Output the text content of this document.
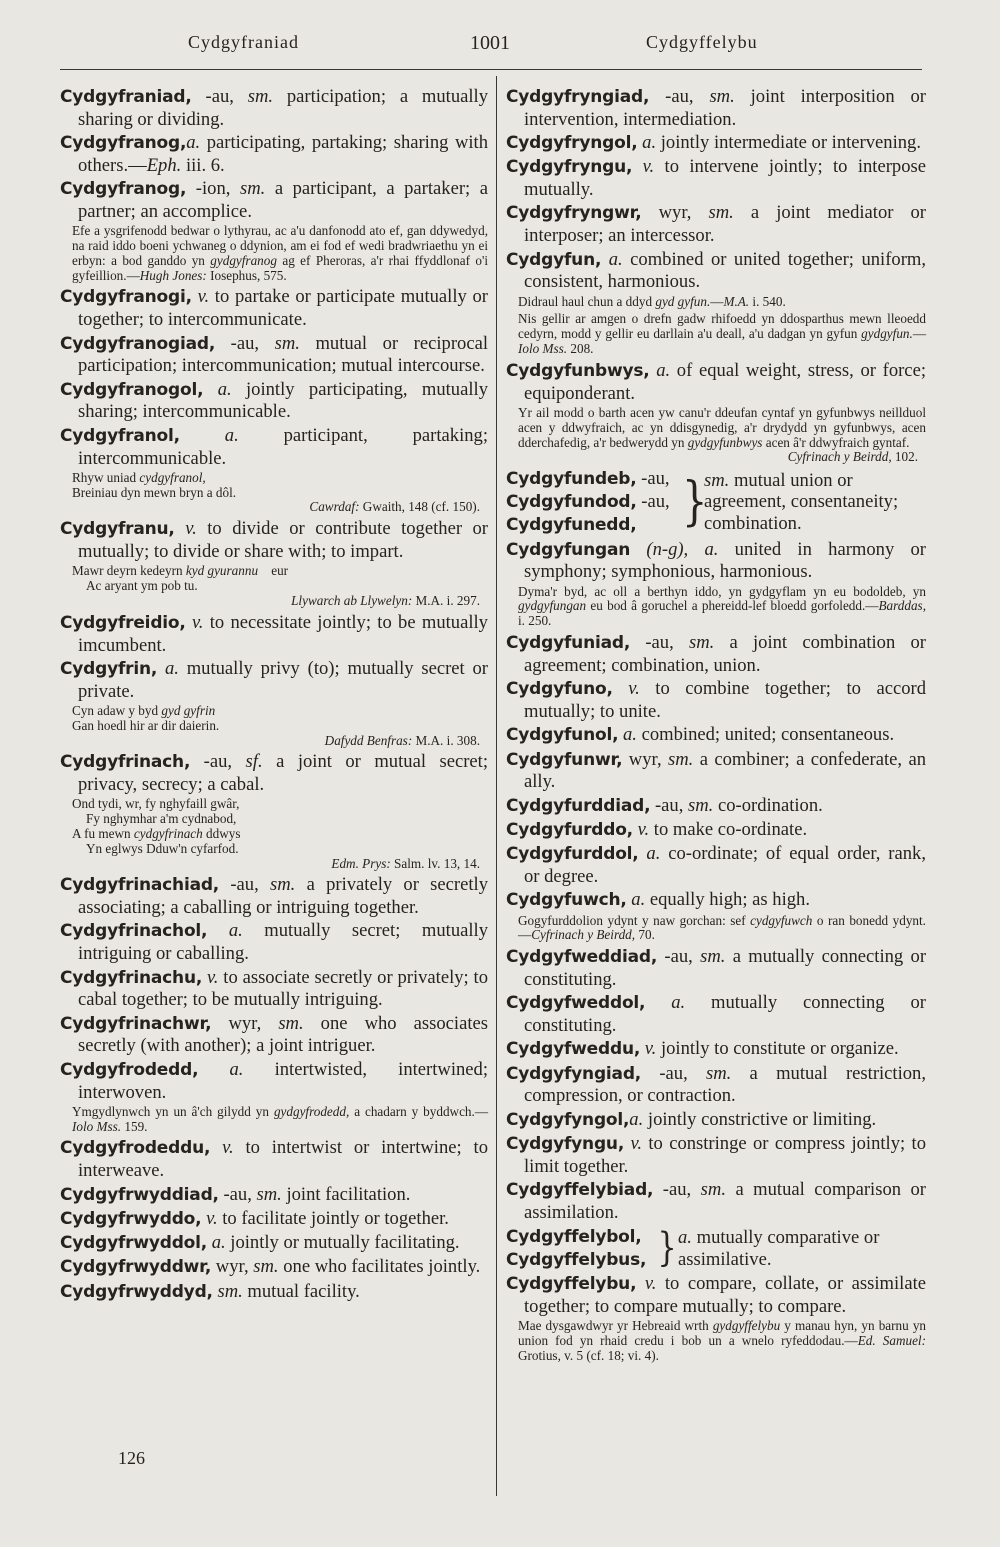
Cydgyfraniad	1001	Cydgyffelybu

Cydgyfraniad, -au, sm. participation; a mutually sharing or dividing.

Cydgyfranog,a. participating, partaking; sharing with others.—Eph. iii. 6.

Cydgyfranog, -ion, sm. a participant, a partaker; a partner; an accomplice.

Efe a ysgrifenodd bedwar o lythyrau, ac a'u danfonodd ato ef, gan ddywedyd, na raid iddo boeni ychwaneg o ddynion, am ei fod ef wedi bradwriaethu yn ei erbyn: a bod ganddo yn gydgyfranog ag ef Pheroras, a'r rhai ffyddlonaf o'i gyfeillion.—Hugh Jones: Iosephus, 575.

Cydgyfranogi, v. to partake or participate mutually or together; to intercommunicate.

Cydgyfranogiad, -au, sm. mutual or reciprocal participation; intercommunication; mutual intercourse.

Cydgyfranogol, a. jointly participating, mutually sharing; intercommunicable.

Cydgyfranol, a. participant, partaking; intercommunicable.

Rhyw uniad cydgyfranol,
Breiniau dyn mewn bryn a dôl.
Cawrdaf: Gwaith, 148 (cf. 150).

Cydgyfranu, v. to divide or contribute together or mutually; to divide or share with; to impart.

Mawr deyrn kedeyrn kyd gyurannu    eur
Ac aryant ym pob tu.
Llywarch ab Llywelyn: M.A. i. 297.

Cydgyfreidio, v. to necessitate jointly; to be mutually imcumbent.

Cydgyfrin, a. mutually privy (to); mutually secret or private.

Cyn adaw y byd gyd gyfrin
Gan hoedl hir ar dir daierin.
Dafydd Benfras: M.A. i. 308.

Cydgyfrinach, -au, sf. a joint or mutual secret; privacy, secrecy; a cabal.

Ond tydi, wr, fy nghyfaill gwâr,
Fy nghymhar a'm cydnabod,
A fu mewn cydgyfrinach ddwys
Yn eglwys Dduw'n cyfarfod.
Edm. Prys: Salm. lv. 13, 14.

Cydgyfrinachiad, -au, sm. a privately or secretly associating; a caballing or intriguing together.

Cydgyfrinachol, a. mutually secret; mutually intriguing or caballing.

Cydgyfrinachu, v. to associate secretly or privately; to cabal together; to be mutually intriguing.

Cydgyfrinachwr, wyr, sm. one who associates secretly (with another); a joint intriguer.

Cydgyfrodedd, a. intertwisted, intertwined; interwoven.

Ymgydlynwch yn un â'ch gilydd yn gydgyfrodedd, a chadarn y byddwch.—Iolo Mss. 159.

Cydgyfrodeddu, v. to intertwist or intertwine; to interweave.

Cydgyfrwyddiad, -au, sm. joint facilitation.

Cydgyfrwyddo, v. to facilitate jointly or together.

Cydgyfrwyddol, a. jointly or mutually facilitating.

Cydgyfrwyddwr, wyr, sm. one who facilitates jointly.

Cydgyfrwyddyd, sm. mutual facility.

126

Cydgyfryngiad, -au, sm. joint interposition or intervention, intermediation.

Cydgyfryngol, a. jointly intermediate or intervening.

Cydgyfryngu, v. to intervene jointly; to interpose mutually.

Cydgyfryngwr, wyr, sm. a joint mediator or interposer; an intercessor.

Cydgyfun, a. combined or united together; uniform, consistent, harmonious.

Didraul haul chun a ddyd gyd gyfun.—M.A. i. 540.

Nis gellir ar amgen o drefn gadw rhifoedd yn ddosparthus mewn lleoedd cedyrn, modd y gellir eu darllain a'u deall, a'u dadgan yn gyfun gydgyfun.—Iolo Mss. 208.

Cydgyfunbwys, a. of equal weight, stress, or force; equiponderant.

Yr ail modd o barth acen yw canu'r ddeufan cyntaf yn gyfunbwys neillduol acen y ddwyfraich, ac yn ddisgynedig, a'r drydydd yn gyfunbwys, acen dderchafedig, a'r bedwerydd yn gydgyfunbwys acen â'r ddwyfraich gyntaf.
Cyfrinach y Beirdd, 102.
Cydgyfundeb, -au,
Cydgyfundod, -au,
Cydgyfunedd,	}
sm. mutual union or agreement, consentaneity; combination.

Cydgyfungan (n-g), a. united in harmony or symphony; symphonious, harmonious.

Dyma'r byd, ac oll a berthyn iddo, yn gydgyflam yn eu bodoldeb, yn gydgyfungan eu bod â goruchel a phereidd-lef bloedd gorfoledd.—Barddas, i. 250.

Cydgyfuniad, -au, sm. a joint combination or agreement; combination, union.

Cydgyfuno, v. to combine together; to accord mutually; to unite.

Cydgyfunol, a. combined; united; consentaneous.

Cydgyfunwr, wyr, sm. a combiner; a confederate, an ally.

Cydgyfurddiad, -au, sm. co-ordination.

Cydgyfurddo, v. to make co-ordinate.

Cydgyfurddol, a. co-ordinate; of equal order, rank, or degree.

Cydgyfuwch, a. equally high; as high.

Gogyfurddolion ydynt y naw gorchan: sef cydgyfuwch o ran bonedd ydynt.—Cyfrinach y Beirdd, 70.

Cydgyfweddiad, -au, sm. a mutually connecting or constituting.

Cydgyfweddol, a. mutually connecting or constituting.

Cydgyfweddu, v. jointly to constitute or organize.

Cydgyfyngiad, -au, sm. a mutual restriction, compression, or contraction.

Cydgyfyngol,a. jointly constrictive or limiting.

Cydgyfyngu, v. to constringe or compress jointly; to limit together.

Cydgyffelybiad, -au, sm. a mutual comparison or assimilation.

Cydgyffelybol,
Cydgyffelybus, } a. mutually comparative or assimilative.

Cydgyffelybu, v. to compare, collate, or assimilate together; to compare mutually; to compare.

Mae dysgawdwyr yr Hebreaid wrth gydgyffelybu y manau hyn, yn barnu yn union fod yn rhaid credu i bob un a wnelo ryfeddodau.—Ed. Samuel: Grotius, v. 5 (cf. 18; vi. 4).
